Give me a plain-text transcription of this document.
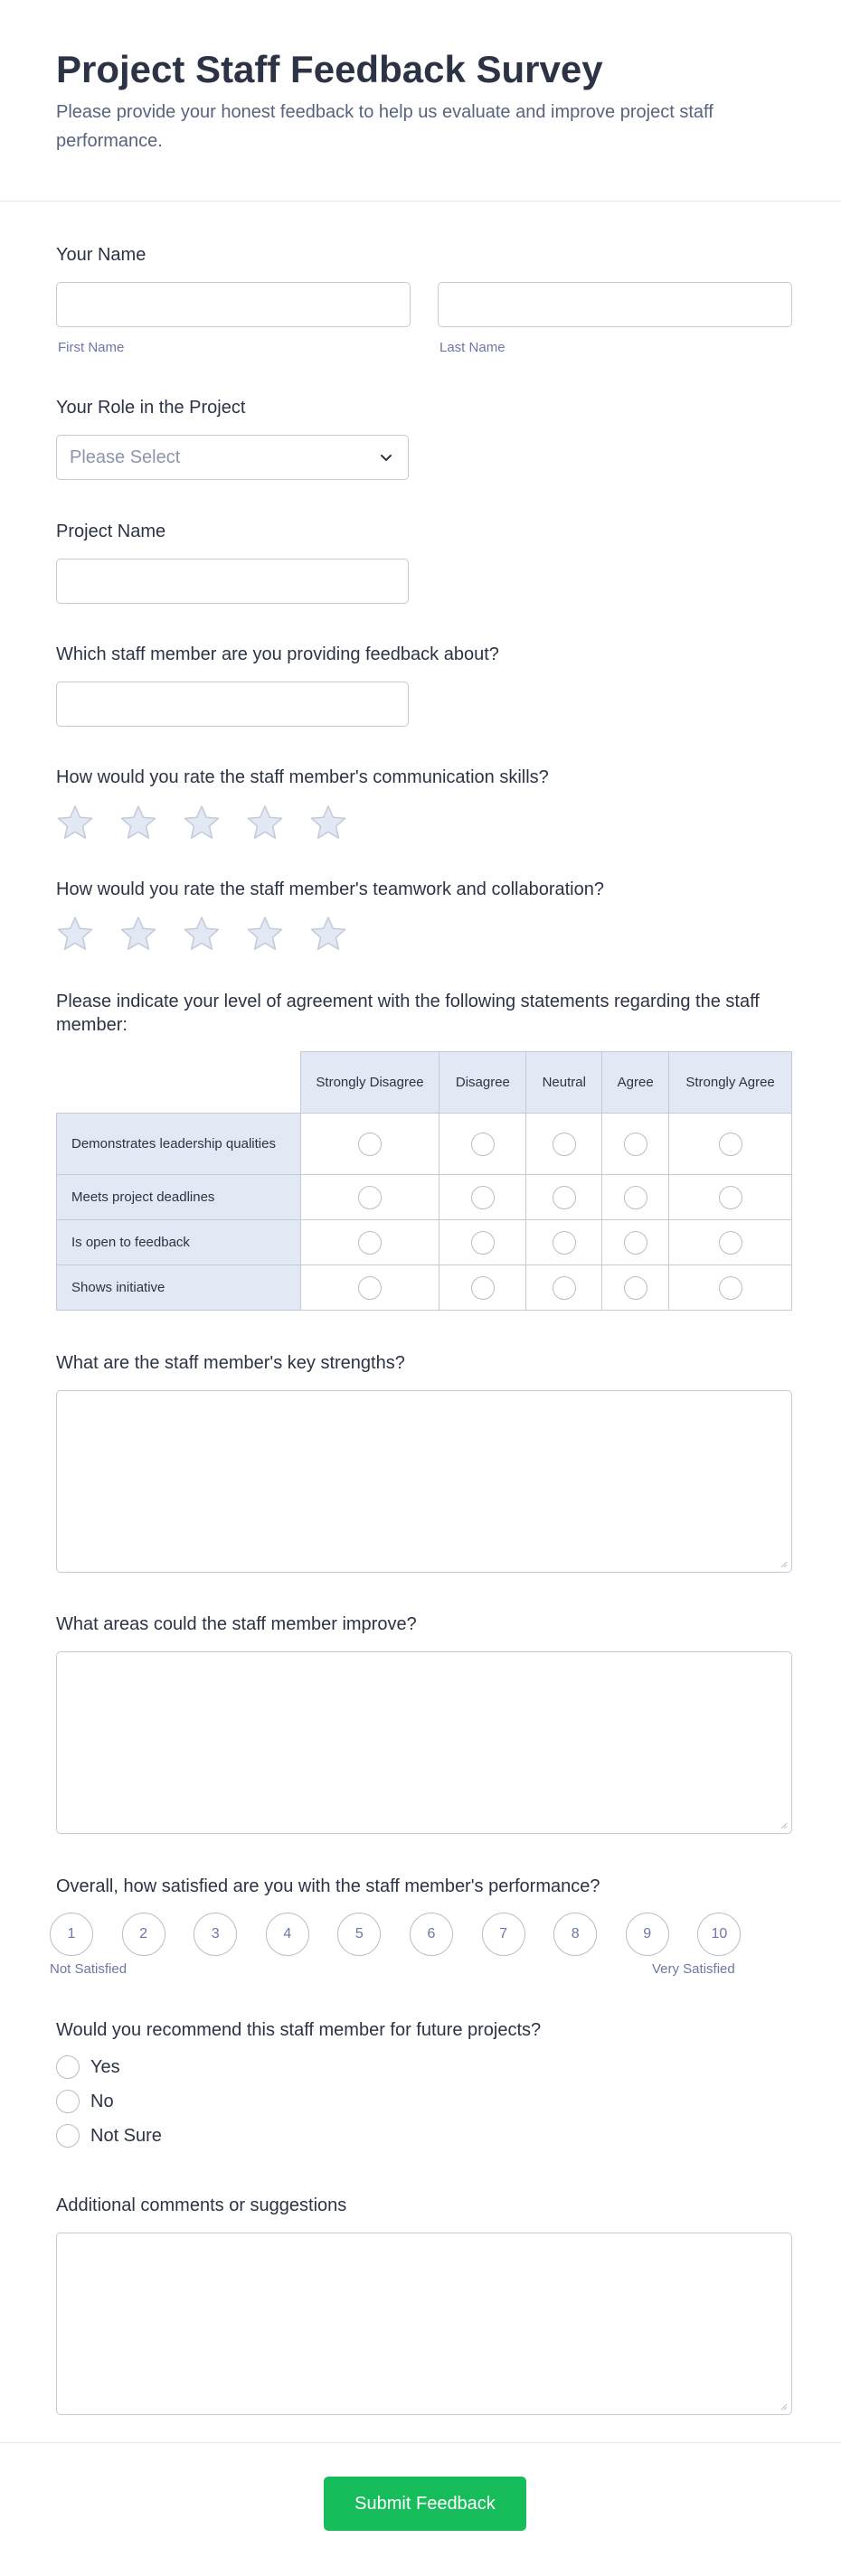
Project Staff Feedback Survey

Please provide your honest feedback to help us evaluate and improve project staff performance.

Your Name
First Name	Last Name
Your Role in the Project
Please Select
Project Name
Which staff member are you providing feedback about?
How would you rate the staff member's communication skills?
How would you rate the staff member's teamwork and collaboration?
Please indicate your level of agreement with the following statements regarding the staff member:
	Strongly Disagree	Disagree	Neutral	Agree	Strongly Agree
Demonstrates leadership qualities					
Meets project deadlines					
Is open to feedback					
Shows initiative					
What are the staff member's key strengths?
What areas could the staff member improve?
Overall, how satisfied are you with the staff member's performance?
1	2	3	4	5	6	7	8	9	10
Not Satisfied	Very Satisfied
Would you recommend this staff member for future projects?
Yes
No
Not Sure
Additional comments or suggestions
Submit Feedback
